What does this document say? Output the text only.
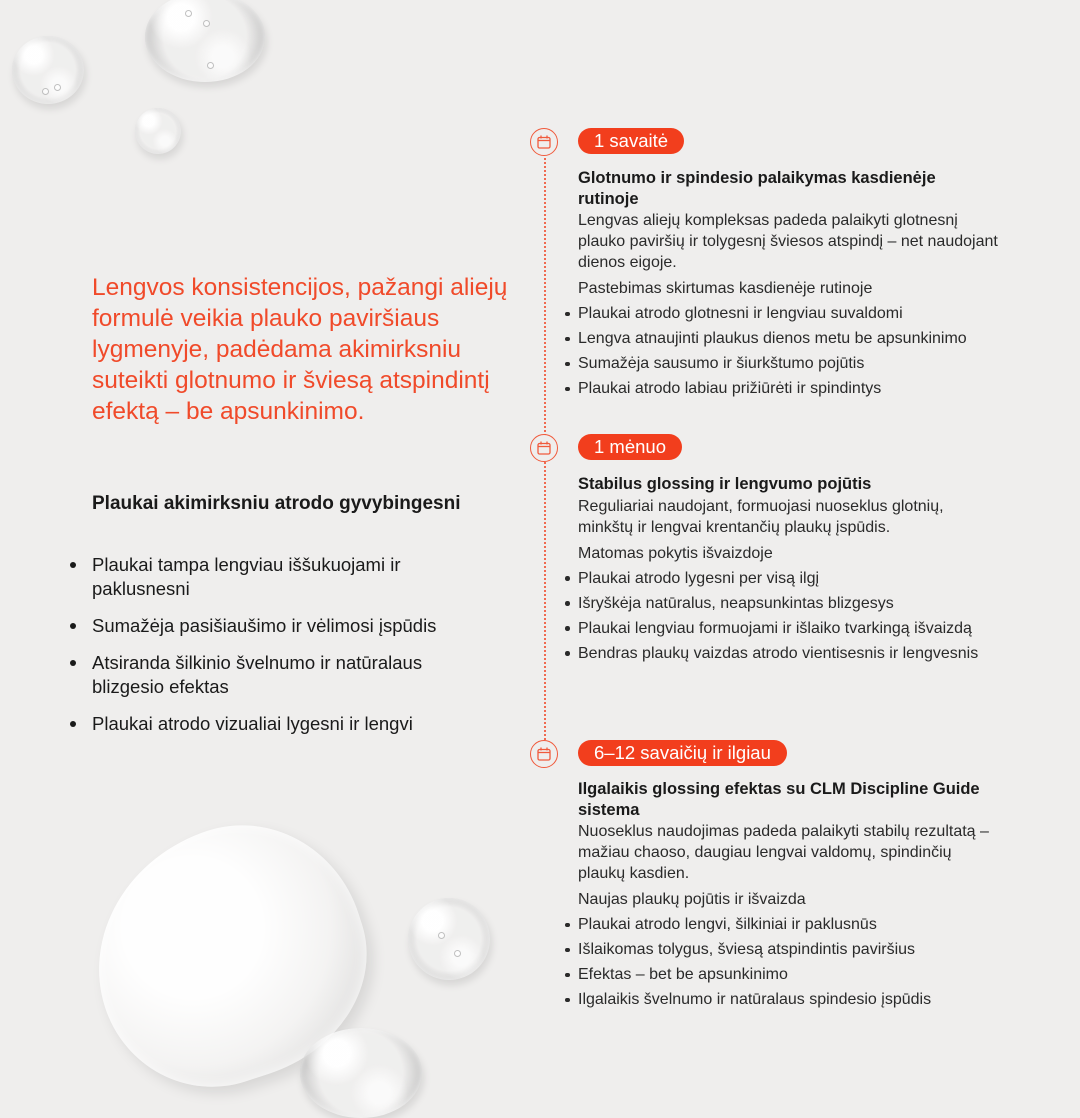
Lengvos konsistencijos, pažangi aliejų formulė veikia plauko paviršiaus lygmenyje, padėdama akimirksniu suteikti glotnumo ir šviesą atspindintį efektą – be apsunkinimo.

Plaukai akimirksniu atrodo gyvybingesni
Plaukai tampa lengviau iššukuojami ir paklusnesni
Sumažėja pasišiaušimo ir vėlimosi įspūdis
Atsiranda šilkinio švelnumo ir natūralaus blizgesio efektas
Plaukai atrodo vizualiai lygesni ir lengvi
1 savaitė
Glotnumo ir spindesio palaikymas kasdienėje rutinoje

Lengvas aliejų kompleksas padeda palaikyti glotnesnį plauko paviršių ir tolygesnį šviesos atspindį – net naudojant dienos eigoje.

Pastebimas skirtumas kasdienėje rutinoje
Plaukai atrodo glotnesni ir lengviau suvaldomi
Lengva atnaujinti plaukus dienos metu be apsunkinimo
Sumažėja sausumo ir šiurkštumo pojūtis
Plaukai atrodo labiau prižiūrėti ir spindintys
1 mėnuo
Stabilus glossing ir lengvumo pojūtis

Reguliariai naudojant, formuojasi nuoseklus glotnių, minkštų ir lengvai krentančių plaukų įspūdis.

Matomas pokytis išvaizdoje
Plaukai atrodo lygesni per visą ilgį
Išryškėja natūralus, neapsunkintas blizgesys
Plaukai lengviau formuojami ir išlaiko tvarkingą išvaizdą
Bendras plaukų vaizdas atrodo vientisesnis ir lengvesnis
6–12 savaičių ir ilgiau
Ilgalaikis glossing efektas su CLM Discipline Guide sistema

Nuoseklus naudojimas padeda palaikyti stabilų rezultatą – mažiau chaoso, daugiau lengvai valdomų, spindinčių plaukų kasdien.

Naujas plaukų pojūtis ir išvaizda
Plaukai atrodo lengvi, šilkiniai ir paklusnūs
Išlaikomas tolygus, šviesą atspindintis paviršius
Efektas – bet be apsunkinimo
Ilgalaikis švelnumo ir natūralaus spindesio įspūdis
